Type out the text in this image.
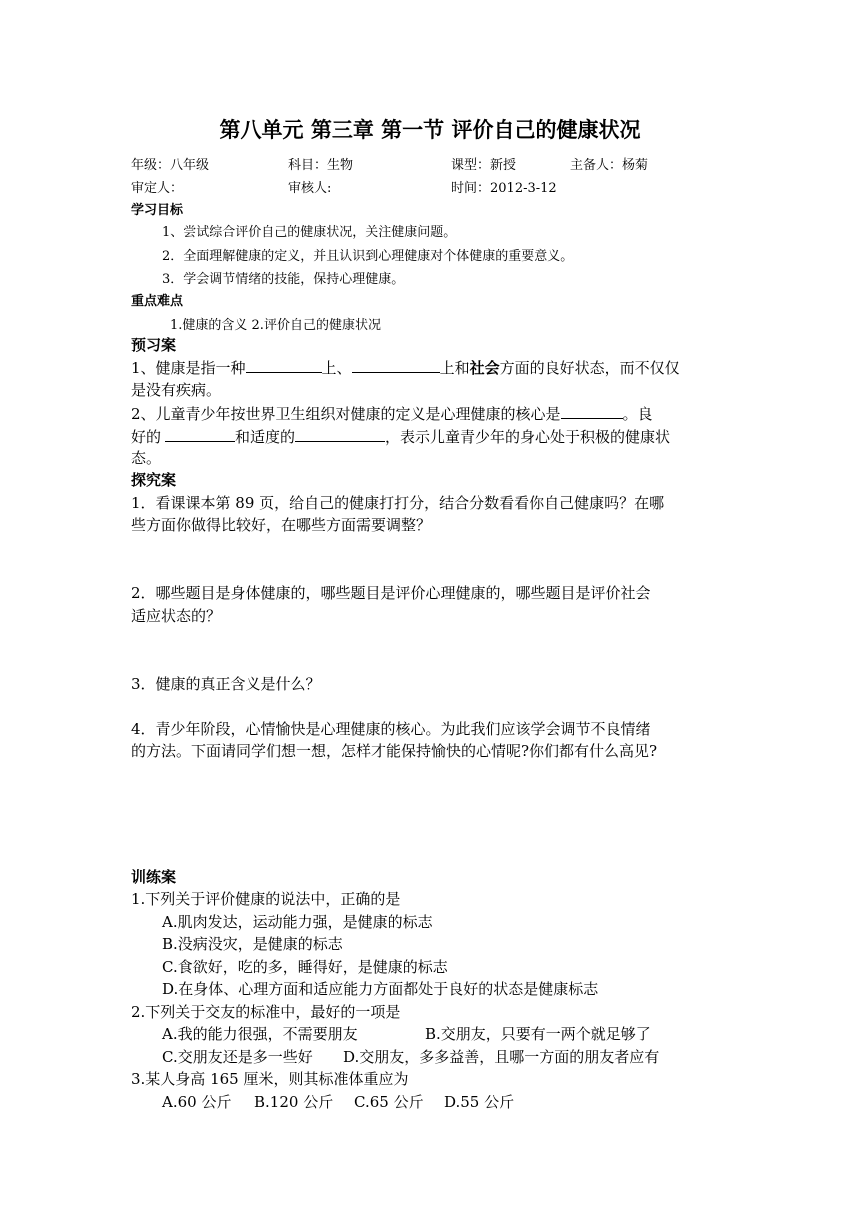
第八单元 第三章 第一节 评价自己的健康状况
年级：八年级	科目：生物	课型：新授	主备人：杨菊
审定人：	审核人:	时间：2012-3-12
学习目标
1、尝试综合评价自己的健康状况，关注健康问题。
2．全面理解健康的定义，并且认识到心理健康对个体健康的重要意义。
3．学会调节情绪的技能，保持心理健康。
重点难点
1.健康的含义 2.评价自己的健康状况
预习案
1、健康是指一种	上、	上和社会方面的良好状态，而不仅仅
是没有疾病。
2、儿童青少年按世界卫生组织对健康的定义是心理健康的核心是	。良
好的	和适度的	，表示儿童青少年的身心处于积极的健康状
态。
探究案
1．看课课本第 89 页，给自己的健康打打分，结合分数看看你自己健康吗？在哪
些方面你做得比较好，在哪些方面需要调整？
2．哪些题目是身体健康的，哪些题目是评价心理健康的，哪些题目是评价社会
适应状态的？
3．健康的真正含义是什么？
4．青少年阶段，心情愉快是心理健康的核心。为此我们应该学会调节不良情绪
的方法。下面请同学们想一想，怎样才能保持愉快的心情呢?你们都有什么高见?
训练案
1.下列关于评价健康的说法中，正确的是
A.肌肉发达，运动能力强，是健康的标志
B.没病没灾，是健康的标志
C.食欲好，吃的多，睡得好，是健康的标志
D.在身体、心理方面和适应能力方面都处于良好的状态是健康标志
2.下列关于交友的标准中，最好的一项是
A.我的能力很强，不需要朋友	B.交朋友，只要有一两个就足够了
C.交朋友还是多一些好 D.交朋友，多多益善，且哪一方面的朋友者应有
3.某人身高 165 厘米，则其标准体重应为
A.60 公斤 B.120 公斤 C.65 公斤 D.55 公斤
